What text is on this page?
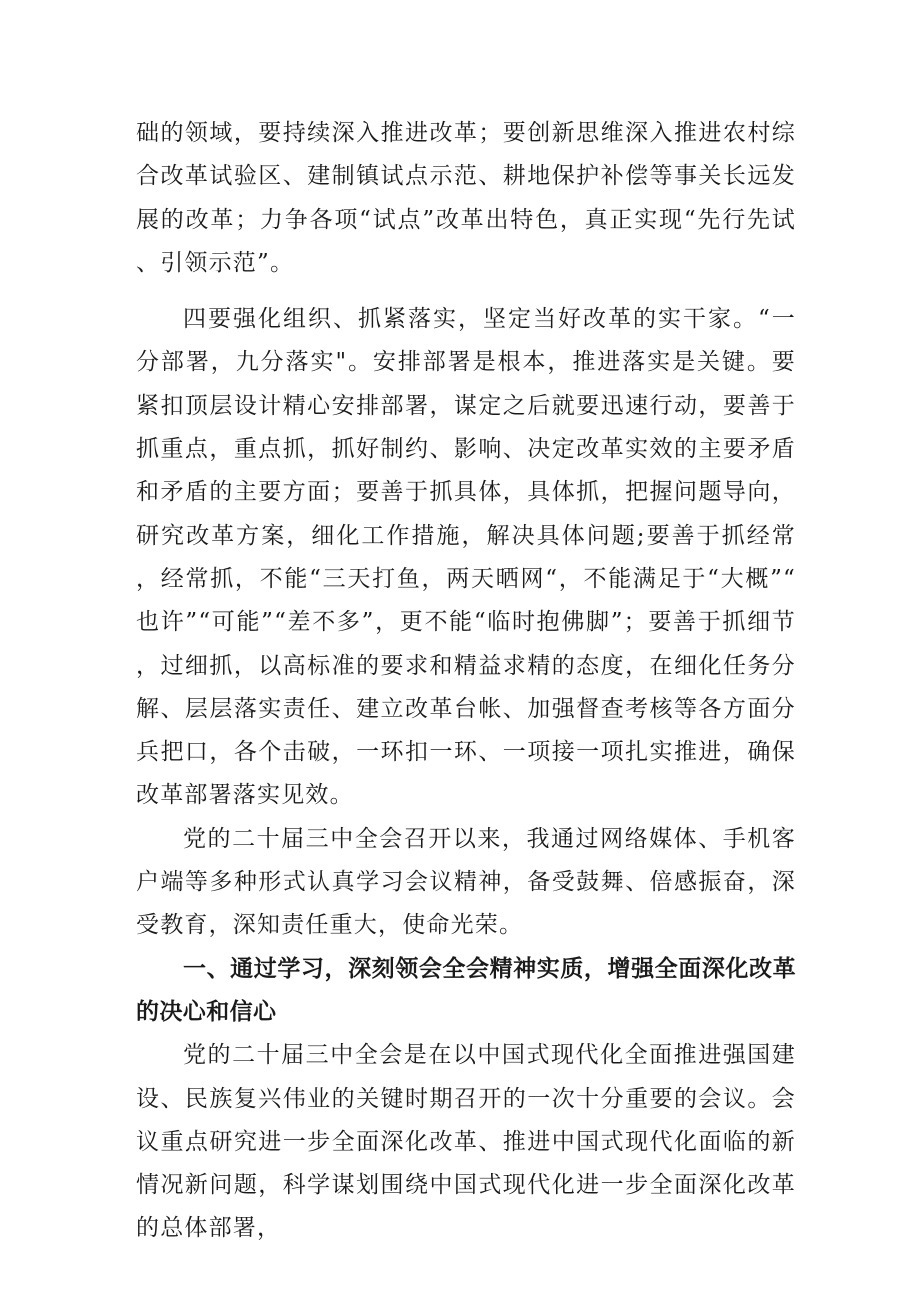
础的领域，要持续深入推进改革；要创新思维深入推进农村综合改革试验区、建制镇试点示范、耕地保护补偿等事关长远发展的改革；力争各项“试点”改革出特色，真正实现“先行先试、引领示范”。

四要强化组织、抓紧落实，坚定当好改革的实干家。“一分部署，九分落实"。安排部署是根本，推进落实是关键。要紧扣顶层设计精心安排部署，谋定之后就要迅速行动，要善于抓重点，重点抓，抓好制约、影响、决定改革实效的主要矛盾和矛盾的主要方面；要善于抓具体，具体抓，把握问题导向，研究改革方案，细化工作措施，解决具体问题;要善于抓经常，经常抓，不能“三天打鱼，两天晒网“，不能满足于“大概”“也许”“可能”“差不多”，更不能“临时抱佛脚”；要善于抓细节，过细抓，以高标准的要求和精益求精的态度，在细化任务分解、层层落实责任、建立改革台帐、加强督查考核等各方面分兵把口，各个击破，一环扣一环、一项接一项扎实推进，确保改革部署落实见效。

党的二十届三中全会召开以来，我通过网络媒体、手机客户端等多种形式认真学习会议精神，备受鼓舞、倍感振奋，深受教育，深知责任重大，使命光荣。

一、通过学习，深刻领会全会精神实质，增强全面深化改革的决心和信心

党的二十届三中全会是在以中国式现代化全面推进强国建设、民族复兴伟业的关键时期召开的一次十分重要的会议。会议重点研究进一步全面深化改革、推进中国式现代化面临的新情况新问题，科学谋划围绕中国式现代化进一步全面深化改革的总体部署，
